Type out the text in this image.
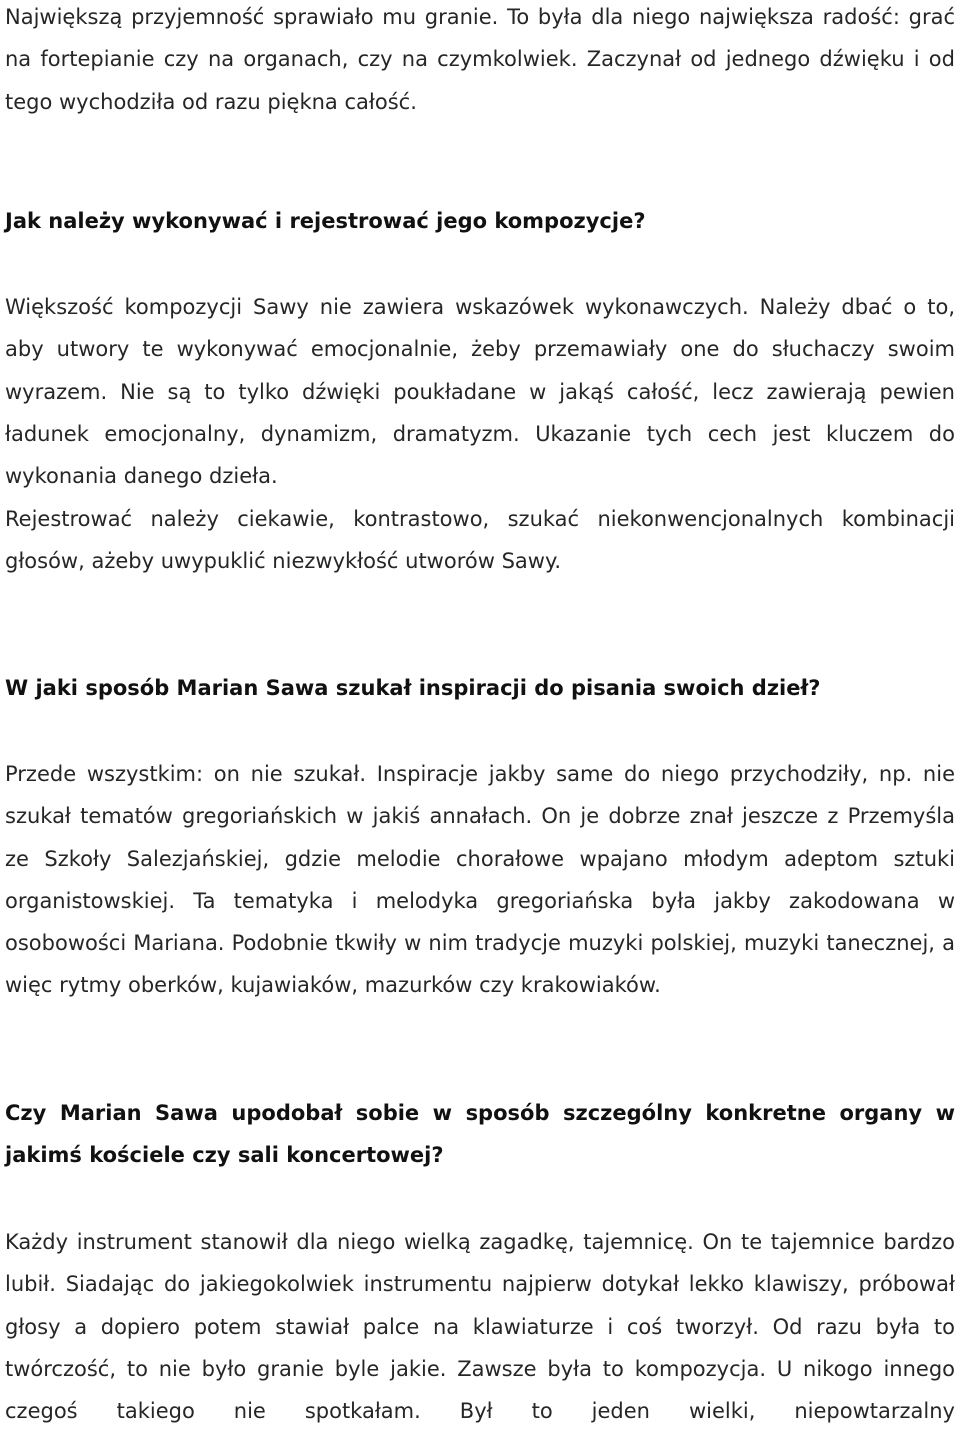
Największą przyjemność sprawiało mu granie. To była dla niego największa radość: grać na fortepianie czy na organach, czy na czymkolwiek. Zaczynał od jednego dźwięku i od tego wychodziła od razu piękna całość.

Jak należy wykonywać i rejestrować jego kompozycje?

Większość kompozycji Sawy nie zawiera wskazówek wykonawczych. Należy dbać o to, aby utwory te wykonywać emocjonalnie, żeby przemawiały one do słuchaczy swoim wyrazem. Nie są to tylko dźwięki poukładane w jakąś całość, lecz zawierają pewien ładunek emocjonalny, dynamizm, dramatyzm. Ukazanie tych cech jest kluczem do wykonania danego dzieła.

Rejestrować należy ciekawie, kontrastowo, szukać niekonwencjonalnych kombinacji głosów, ażeby uwypuklić niezwykłość utworów Sawy.

W jaki sposób Marian Sawa szukał inspiracji do pisania swoich dzieł?

Przede wszystkim: on nie szukał. Inspiracje jakby same do niego przychodziły, np. nie szukał tematów gregoriańskich w jakiś annałach. On je dobrze znał jeszcze z Przemyśla ze Szkoły Salezjańskiej, gdzie melodie chorałowe wpajano młodym adeptom sztuki organistowskiej. Ta tematyka i melodyka gregoriańska była jakby zakodowana w osobowości Mariana. Podobnie tkwiły w nim tradycje muzyki polskiej, muzyki tanecznej, a więc rytmy oberków, kujawiaków, mazurków czy krakowiaków.

Czy Marian Sawa upodobał sobie w sposób szczególny konkretne organy w jakimś kościele czy sali koncertowej?

Każdy instrument stanowił dla niego wielką zagadkę, tajemnicę. On te tajemnice bardzo lubił. Siadając do jakiegokolwiek instrumentu najpierw dotykał lekko klawiszy, próbował głosy a dopiero potem stawiał palce na klawiaturze i coś tworzył. Od razu była to twórczość, to nie było granie byle jakie. Zawsze była to kompozycja. U nikogo innego czegoś takiego nie spotkałam. Był to jeden wielki, niepowtarzalny
